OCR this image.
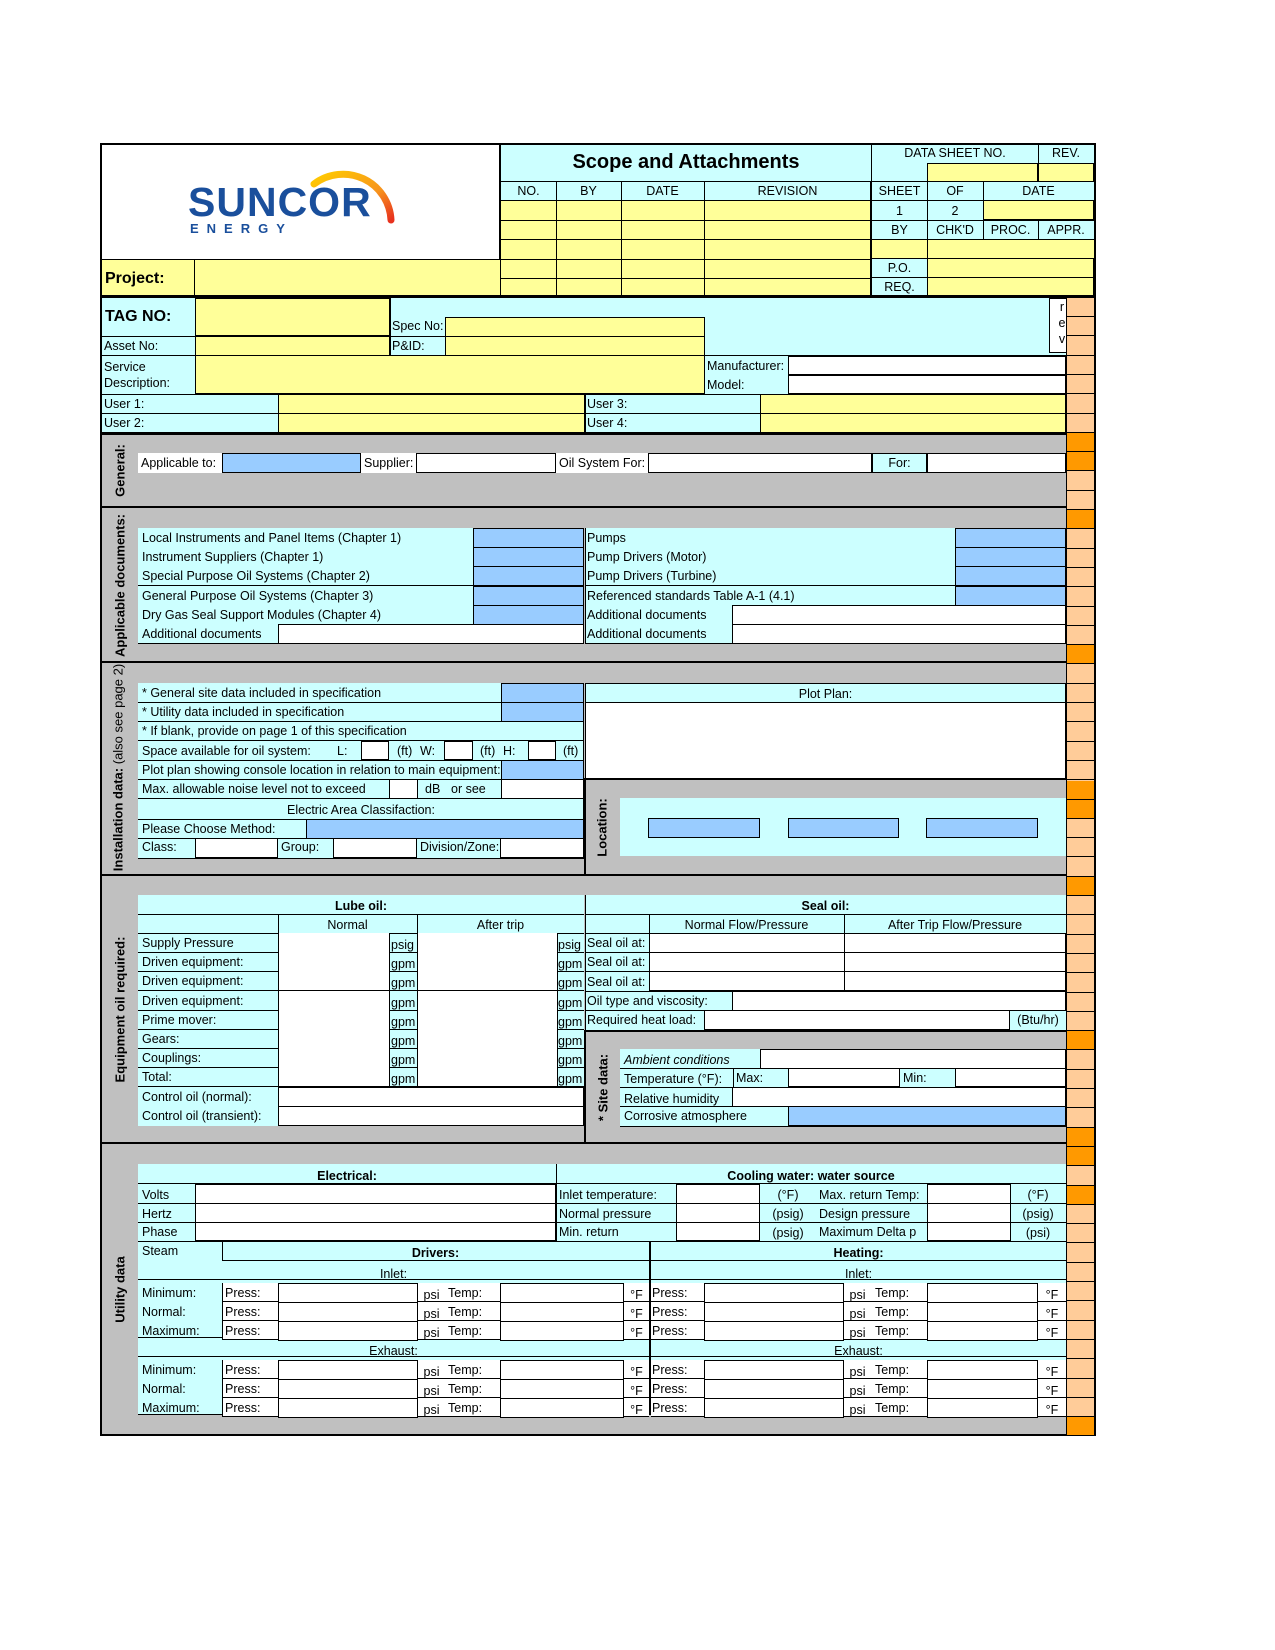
SUNCOR
ENERGY
Scope and Attachments	DATA SHEET NO.	REV.
NO.	BY	DATE	REVISION	SHEET	OF	DATE
1	2
BY	CHK'D	PROC.	APPR.
P.O.
REQ.
Project:
TAG NO:
Spec No:
Asset No:	P&ID:
Service
Description:
Manufacturer:
Model:
User 1:	User 3:
User 2:	User 4:
r
e
v
General: Applicable to:	Supplier:	Oil System For:	For:
Applicable documents:
Installation data: (also see page 2) * General site data included in specification
* Utility data included in specification
* If blank, provide on page 1 of this specification
Space available for oil system: L:	(ft) W:	(ft) H:	(ft)
Plot plan showing console location in relation to main equipment:
Max. allowable noise level not to exceed	dB or see
Electric Area Classifaction:
Please Choose Method:
Class:	Group:	Division/Zone:
Plot Plan:
Location:
Equipment oil required:
Lube oil:
Normal	After trip
Control oil (normal):
Control oil (transient):
Seal oil:
Normal Flow/Pressure	After Trip Flow/Pressure
Seal oil at:
Seal oil at:
Seal oil at:
Oil type and viscosity:
Required heat load:	(Btu/hr)
* Site data: Ambient conditions
Temperature (°F): Max:	Min:
Relative humidity
Corrosive atmosphere
Utility data
Electrical:	Cooling water: water source
Volts
Hertz
Phase
Steam
Inlet temperature:	(°F)	Max. return Temp:	(°F)
Normal pressure	(psig)	Design pressure	(psig)
Min. return	(psig)	Maximum Delta p	(psi)
Drivers:	Heating:
Local Instruments and Panel Items (Chapter 1)	Pumps
Instrument Suppliers (Chapter 1)	Pump Drivers (Motor)
Special Purpose Oil Systems (Chapter 2)	Pump Drivers (Turbine)
General Purpose Oil Systems (Chapter 3)	Referenced standards Table A-1 (4.1)
Dry Gas Seal Support Modules (Chapter 4)	Additional documents
Additional documents	Additional documents
Supply Pressure	psig	psig
Driven equipment:	gpm	gpm
Driven equipment:	gpm	gpm
Driven equipment:	gpm	gpm
Prime mover:	gpm	gpm
Gears:	gpm	gpm
Couplings:	gpm	gpm
Total:	gpm	gpm
Inlet:	Inlet:
Minimum: Press:	psi Temp:	°F Press:	psi Temp:	°F
Normal:	Press:	psi Temp:	°F Press:	psi Temp:	°F
Maximum: Press:	psi Temp:	°F Press:	psi Temp:	°F
Exhaust:	Exhaust:
Minimum: Press:	psi Temp:	°F Press:	psi Temp:	°F
Normal:	Press:	psi Temp:	°F Press:	psi Temp:	°F
Maximum: Press:	psi Temp:	°F Press:	psi Temp:	°F
